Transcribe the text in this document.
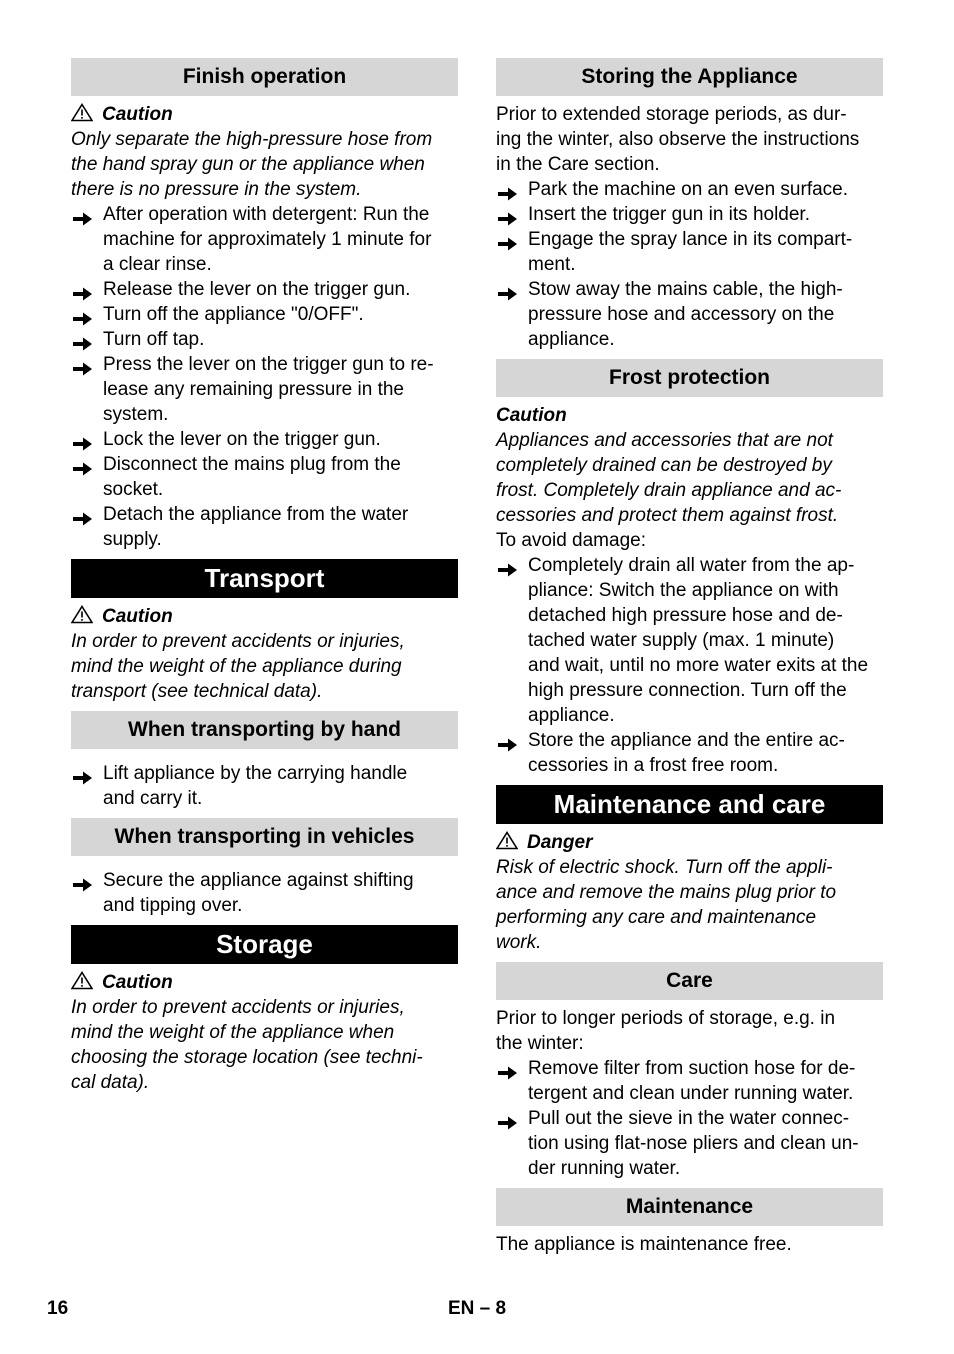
Finish operation
Caution
Only separate the high-pressure hose from
the hand spray gun or the appliance when
there is no pressure in the system.
After operation with detergent: Run the
machine for approximately 1 minute for
a clear rinse.
Release the lever on the trigger gun.
Turn off the appliance "0/OFF".
Turn off tap.
Press the lever on the trigger gun to re-
lease any remaining pressure in the
system.
Lock the lever on the trigger gun.
Disconnect the mains plug from the
socket.
Detach the appliance from the water
supply.
Transport
Caution
In order to prevent accidents or injuries,
mind the weight of the appliance during
transport (see technical data).
When transporting by hand
Lift appliance by the carrying handle
and carry it.
When transporting in vehicles
Secure the appliance against shifting
and tipping over.
Storage
Caution
In order to prevent accidents or injuries,
mind the weight of the appliance when
choosing the storage location (see techni-
cal data).
Storing the Appliance
Prior to extended storage periods, as dur-
ing the winter, also observe the instructions
in the Care section.
Park the machine on an even surface.
Insert the trigger gun in its holder.
Engage the spray lance in its compart-
ment.
Stow away the mains cable, the high-
pressure hose and accessory on the
appliance.
Frost protection
Caution
Appliances and accessories that are not
completely drained can be destroyed by
frost. Completely drain appliance and ac-
cessories and protect them against frost.
To avoid damage:
Completely drain all water from the ap-
pliance: Switch the appliance on with
detached high pressure hose and de-
tached water supply (max. 1 minute)
and wait, until no more water exits at the
high pressure connection. Turn off the
appliance.
Store the appliance and the entire ac-
cessories in a frost free room.
Maintenance and care
Danger
Risk of electric shock. Turn off the appli-
ance and remove the mains plug prior to
performing any care and maintenance
work.
Care
Prior to longer periods of storage, e.g. in
the winter:
Remove filter from suction hose for de-
tergent and clean under running water.
Pull out the sieve in the water connec-
tion using flat-nose pliers and clean un-
der running water.
Maintenance
The appliance is maintenance free.
16	EN – 8
